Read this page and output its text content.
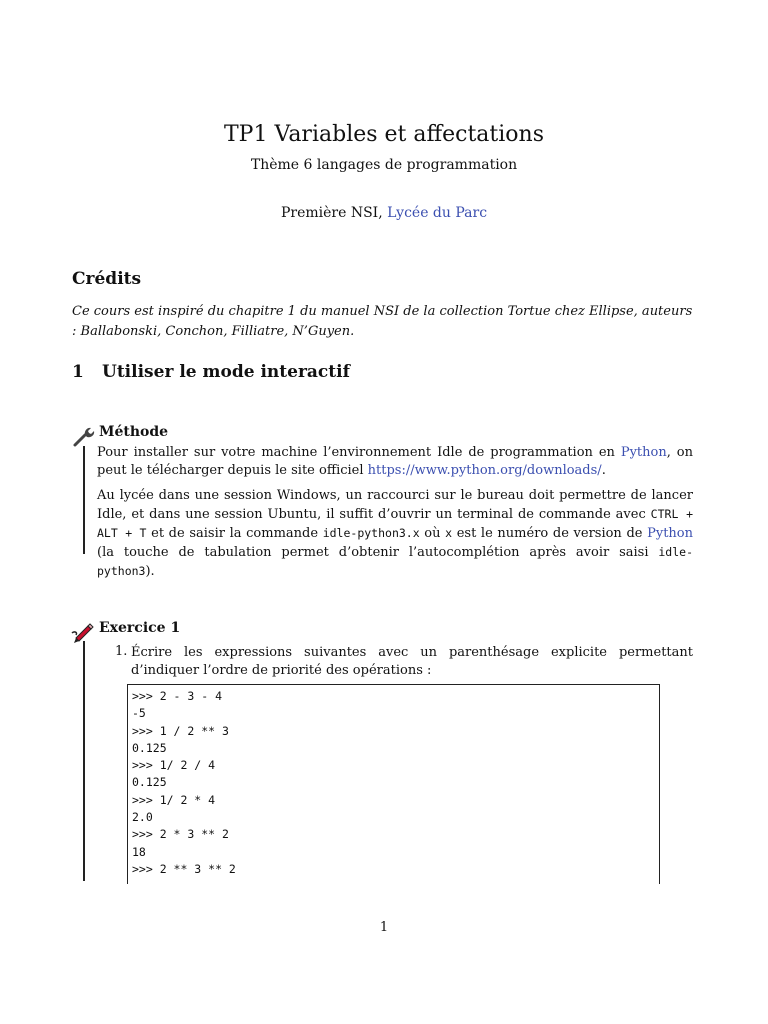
TP1 Variables et affectations
Thème 6 langages de programmation
Première NSI, Lycée du Parc
Crédits
Ce cours est inspiré du chapitre 1 du manuel NSI de la collection Tortue chez Ellipse, auteurs : Ballabonski, Conchon, Filliatre, N’Guyen.
1 Utiliser le mode interactif
Méthode
Pour installer sur votre machine l’environnement Idle de programmation en Python, on peut le télécharger depuis le site officiel https://www.python.org/downloads/.
Au lycée dans une session Windows, un raccourci sur le bureau doit permettre de lancer Idle, et dans une session Ubuntu, il suffit d’ouvrir un terminal de commande avec CTRL + ALT + T et de saisir la commande idle-python3.x où x est le numéro de version de Python (la touche de tabulation permet d’obtenir l’autocomplétion après avoir saisi idle-python3).
Exercice 1
1. Écrire les expressions suivantes avec un parenthésage explicite permettant d’indiquer l’ordre de priorité des opérations :
>>> 2 - 3 - 4
-5
>>> 1 / 2 ** 3
0.125
>>> 1/ 2 / 4
0.125
>>> 1/ 2 * 4
2.0
>>> 2 * 3 ** 2
18
>>> 2 ** 3 ** 2
1
